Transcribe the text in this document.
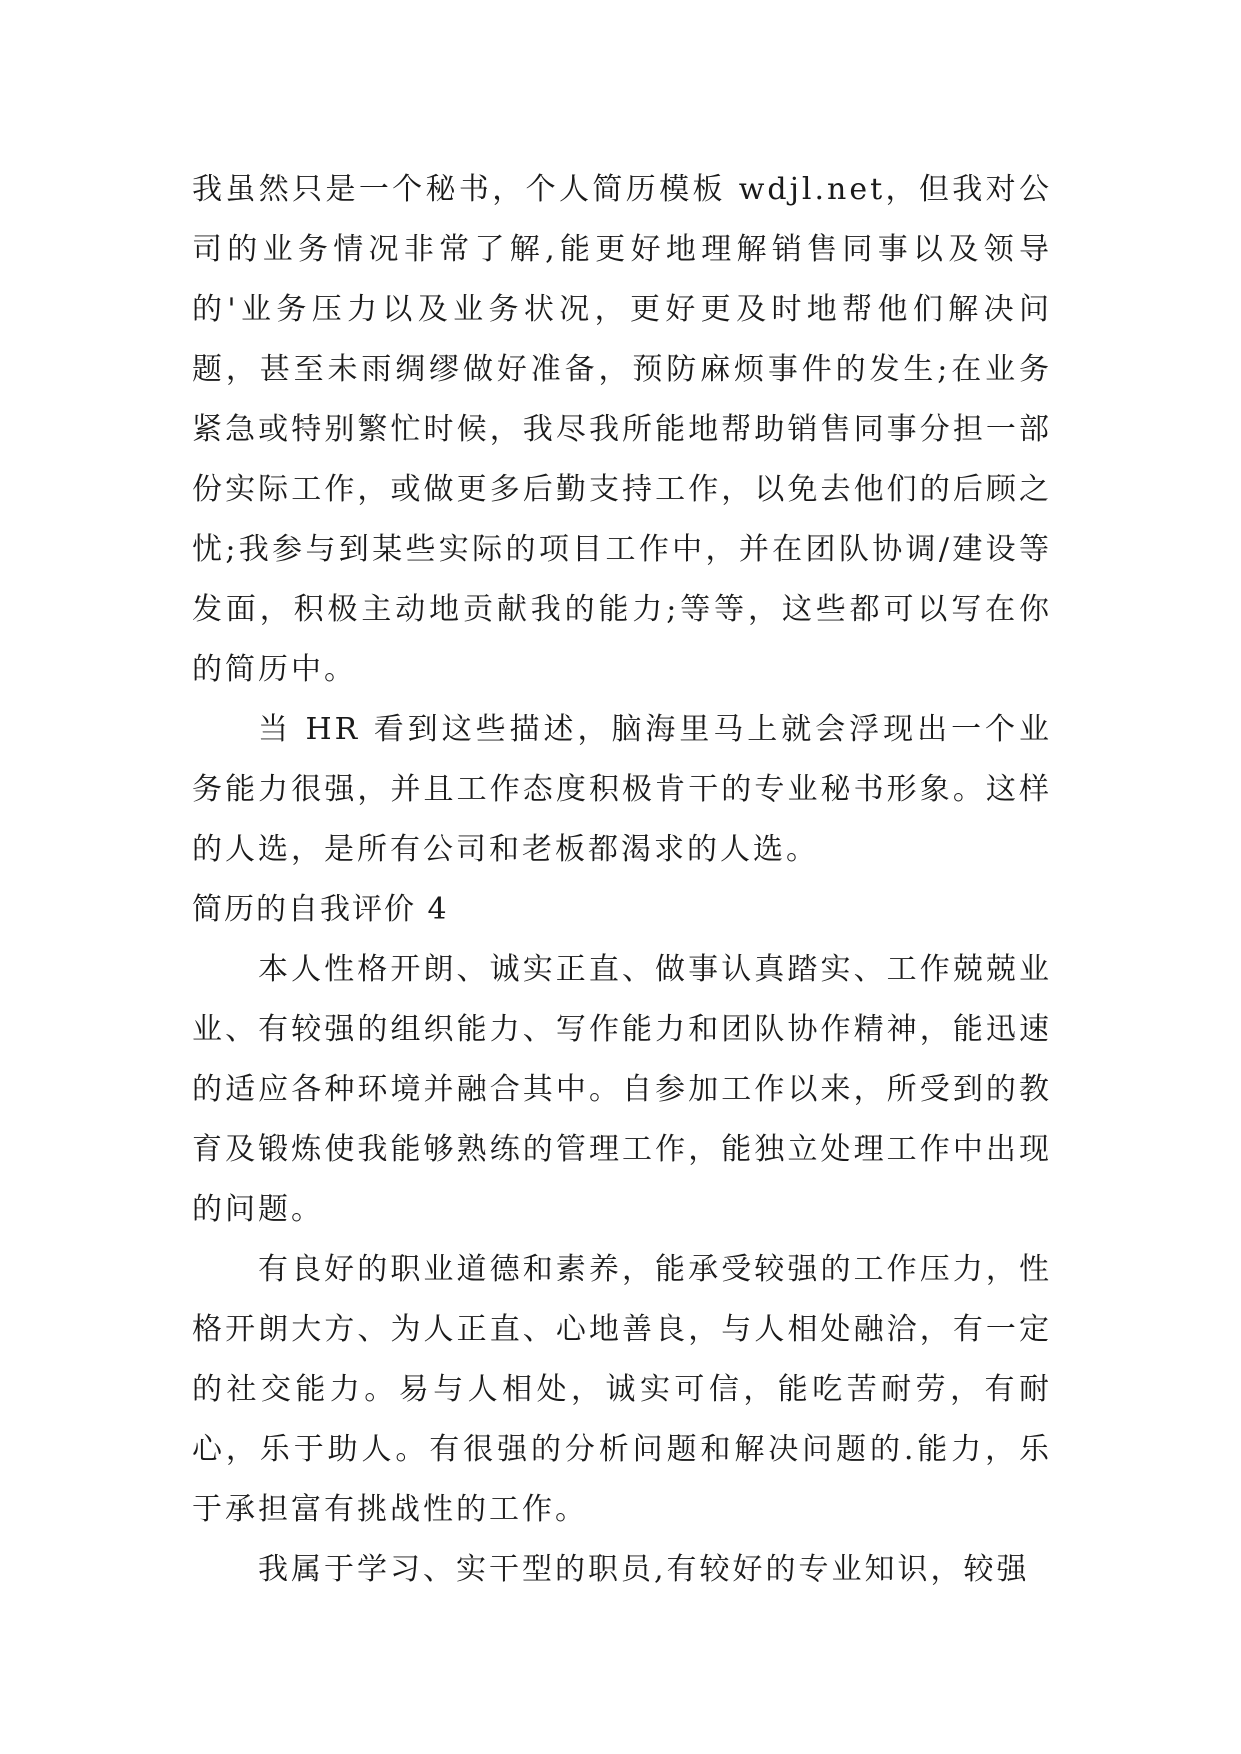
我虽然只是一个秘书，个人简历模板 wdjl.net，但我对公司的业务情况非常了解,能更好地理解销售同事以及领导的'业务压力以及业务状况，更好更及时地帮他们解决问题，甚至未雨绸缪做好准备，预防麻烦事件的发生;在业务紧急或特别繁忙时候，我尽我所能地帮助销售同事分担一部份实际工作，或做更多后勤支持工作，以免去他们的后顾之忧;我参与到某些实际的项目工作中，并在团队协调/建设等发面，积极主动地贡献我的能力;等等，这些都可以写在你的简历中。

当 HR 看到这些描述，脑海里马上就会浮现出一个业务能力很强，并且工作态度积极肯干的专业秘书形象。这样的人选，是所有公司和老板都渴求的人选。

简历的自我评价 4

本人性格开朗、诚实正直、做事认真踏实、工作兢兢业业、有较强的组织能力、写作能力和团队协作精神，能迅速的适应各种环境并融合其中。自参加工作以来，所受到的教育及锻炼使我能够熟练的管理工作，能独立处理工作中出现的问题。

有良好的职业道德和素养，能承受较强的工作压力，性格开朗大方、为人正直、心地善良，与人相处融洽，有一定的社交能力。易与人相处，诚实可信，能吃苦耐劳，有耐心，乐于助人。有很强的分析问题和解决问题的.能力，乐于承担富有挑战性的工作。

我属于学习、实干型的职员,有较好的专业知识，较强
